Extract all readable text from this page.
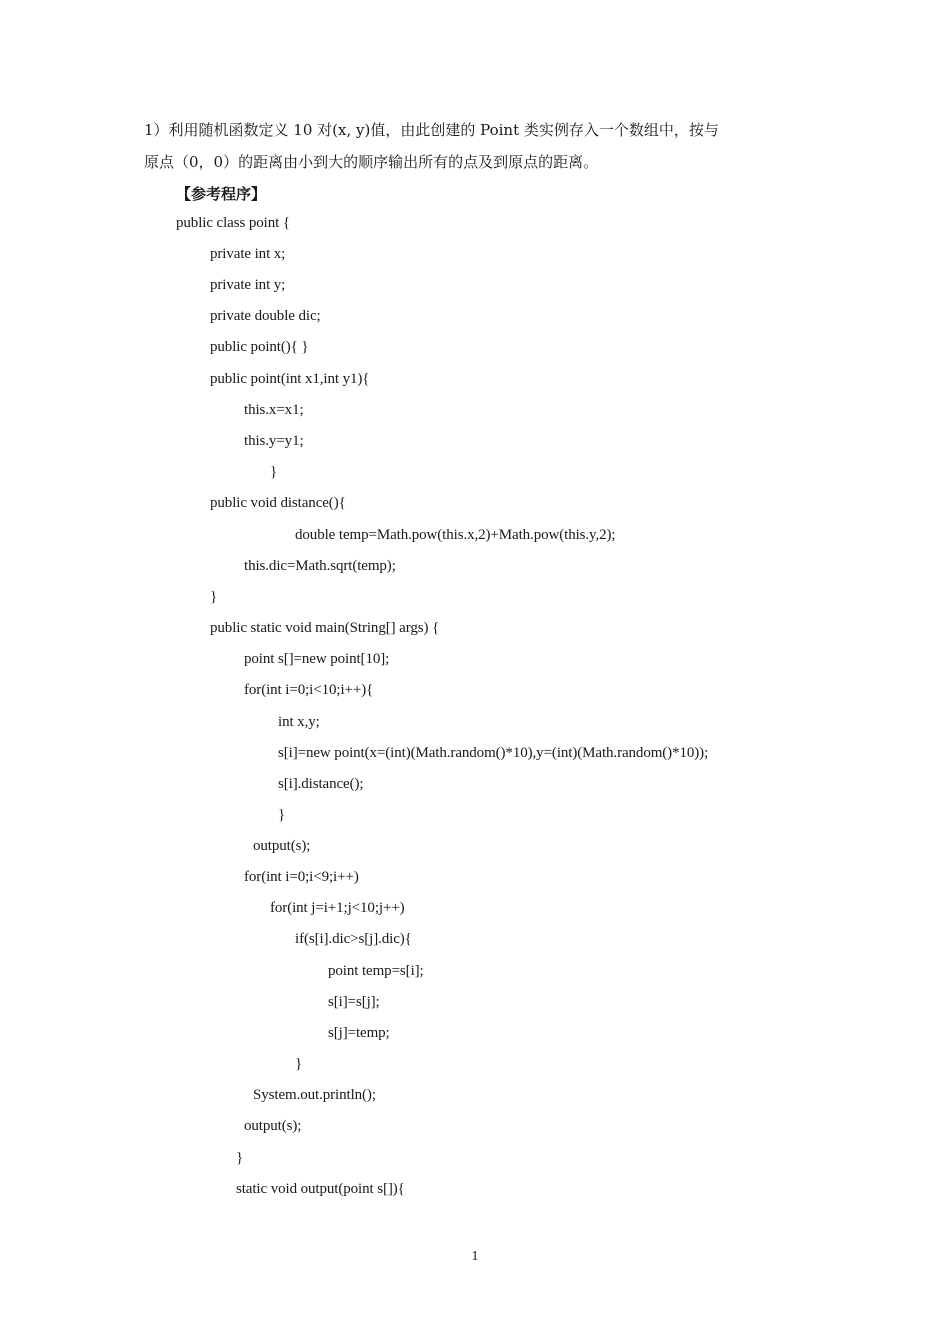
1）利用随机函数定义 10 对(x, y)值，由此创建的 Point 类实例存入一个数组中，按与
原点（0，0）的距离由小到大的顺序输出所有的点及到原点的距离。
【参考程序】
public class point {
private int x;
private int y;
private double dic;
public point(){ }
public point(int x1,int y1){
this.x=x1;
this.y=y1;
}
public void distance(){
double temp=Math.pow(this.x,2)+Math.pow(this.y,2);
this.dic=Math.sqrt(temp);
}
public static void main(String[] args) {
point s[]=new point[10];
for(int i=0;i<10;i++){
int x,y;
s[i]=new point(x=(int)(Math.random()*10),y=(int)(Math.random()*10));
s[i].distance();
}
output(s);
for(int i=0;i<9;i++)
for(int j=i+1;j<10;j++)
if(s[i].dic>s[j].dic){
point temp=s[i];
s[i]=s[j];
s[j]=temp;
}
System.out.println();
output(s);
}
static void output(point s[]){
1
